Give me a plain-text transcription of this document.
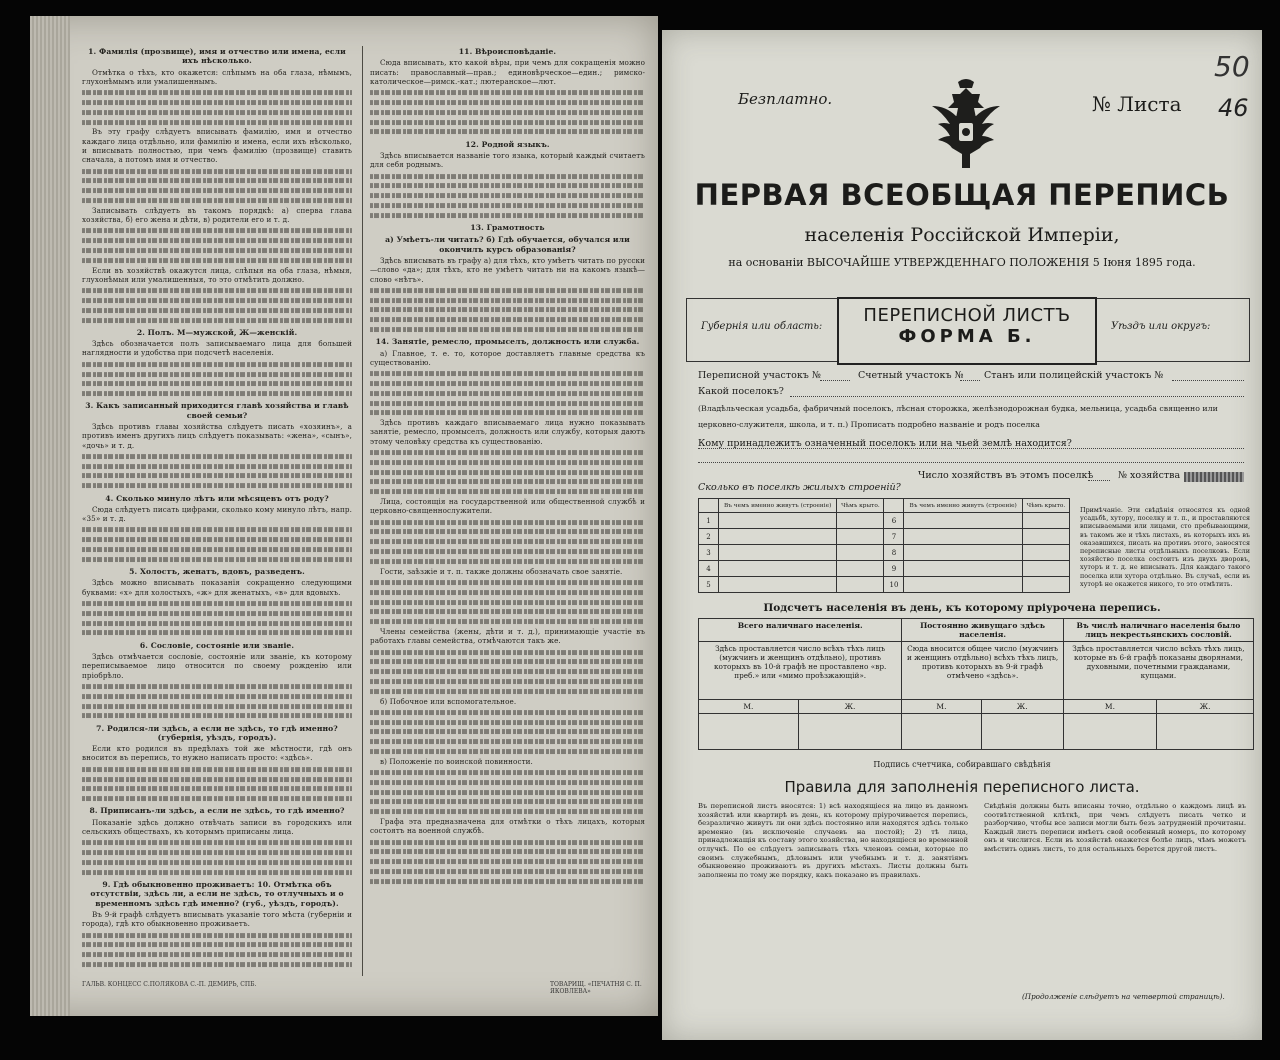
1. Фамилія (прозвище), имя и отчество или имена, если ихъ нѣсколько.
Отмѣтка о тѣхъ, кто окажется: слѣпымъ на оба глаза, нѣмымъ, глухонѣмымъ или умалишеннымъ.
Въ эту графу слѣдуетъ вписывать фамилію, имя и отчество каждаго лица отдѣльно, или фамилію и имена, если ихъ нѣсколько, и вписывать полностью, при чемъ фамилію (прозвище) ставить сначала, а потомъ имя и отчество.
Записывать слѣдуетъ въ такомъ порядкѣ: а) сперва глава хозяйства, б) его жена и дѣти, в) родители его и т. д.
Если въ хозяйствѣ окажутся лица, слѣпыя на оба глаза, нѣмыя, глухонѣмыя или умалишенныя, то это отмѣтить должно.
2. Полъ. М—мужской, Ж—женскій.
Здѣсь обозначается полъ записываемаго лица для большей наглядности и удобства при подсчетѣ населенія.
3. Какъ записанный приходится главѣ хозяйства и главѣ своей семьи?
Здѣсь противъ главы хозяйства слѣдуетъ писать «хозяинъ», а противъ именъ другихъ лицъ слѣдуетъ показывать: «жена», «сынъ», «дочь» и т. д.
4. Сколько минуло лѣтъ или мѣсяцевъ отъ роду?
Сюда слѣдуетъ писать цифрами, сколько кому минуло лѣтъ, напр. «35» и т. д.
5. Холостъ, женатъ, вдовъ, разведенъ.
Здѣсь можно вписывать показанія сокращенно следующими буквами: «х» для холостыхъ, «ж» для женатыхъ, «в» для вдовыхъ.
6. Сословіе, состояніе или званіе.
Здѣсь отмѣчается сословіе, состояніе или званіе, къ которому переписываемое лицо относится по своему рожденію или пріобрѣло.
7. Родился-ли здѣсь, а если не здѣсь, то гдѣ именно? (губернія, уѣздъ, городъ).
Если кто родился въ предѣлахъ той же мѣстности, гдѣ онъ вносится въ перепись, то нужно написать просто: «здѣсь».
8. Приписанъ-ли здѣсь, а если не здѣсь, то гдѣ именно?
Показаніе здѣсь должно отвѣчать записи въ городскихъ или сельскихъ обществахъ, къ которымъ приписаны лица.
9. Гдѣ обыкновенно проживаетъ: 10. Отмѣтка объ отсутствіи, здѣсь ли, а если не здѣсь, то отлучныхъ и о временномъ здѣсь гдѣ именно? (губ., уѣздъ, городъ).
Въ 9-й графѣ слѣдуетъ вписывать указаніе того мѣста (губерніи и города), гдѣ кто обыкновенно проживаетъ.
11. Вѣроисповѣданіе.
Сюда вписывать, кто какой вѣры, при чемъ для сокращенія можно писать: православный—прав.; единовѣрческое—един.; римско-католическое—римск.-кат.; лютеранское—лют.
12. Родной языкъ.
Здѣсь вписывается названіе того языка, который каждый считаетъ для себя роднымъ.
13. Грамотность
а) Умѣетъ-ли читать? б) Гдѣ обучается, обучался или окончилъ курсъ образованія?
Здѣсь вписывать въ графу а) для тѣхъ, кто умѣетъ читать по русски—слово «да»; для тѣхъ, кто не умѣетъ читать ни на какомъ языкѣ—слово «нѣтъ».
14. Занятіе, ремесло, промыселъ, должность или служба.
а) Главное, т. е. то, которое доставляетъ главные средства къ существованію.
Здѣсь противъ каждаго вписываемаго лица нужно показывать занятіе, ремесло, промыселъ, должность или службу, которыя даютъ этому человѣку средства къ существованію.
Лица, состоящія на государственной или общественной службѣ и церковно-священнослужители.
Гости, заѣзжіе и т. п. также должны обозначать свое занятіе.
Члены семейства (жены, дѣти и т. д.), принимающіе участіе въ работахъ главы семейства, отмѣчаются такъ же.
б) Побочное или вспомогательное.
в) Положеніе по воинской повинности.
Графа эта предназначена для отмѣтки о тѣхъ лицахъ, которыя состоятъ на военной службѣ.
ГАЛЬВ. КОНЦЕСС С.ПОЛЯКОВА С.-П. ДЕМИРЬ, СПБ.	ТОВАРИЩ. «ПЕЧАТНЯ С. П. ЯКОВЛЕВА»
Безплатно.	№ Листа
50
46
ПЕРВАЯ ВСЕОБЩАЯ ПЕРЕПИСЬ
населенія Россійской Имперіи,
на основаніи ВЫСОЧАЙШЕ УТВЕРЖДЕННАГО ПОЛОЖЕНІЯ 5 Іюня 1895 года.
Губернія или область:
ПЕРЕПИСНОЙ ЛИСТЪ
ФОРМА Б.	Уѣздъ или округъ:
Переписной участокъ №	Счетный участокъ № Станъ или полицейскій участокъ №
Какой поселокъ?
(Владѣльческая усадьба, фабричный поселокъ, лѣсная сторожка, желѣзнодорожная будка, мельница, усадьба священно или
церковно-служителя, школа, и т. п.) Прописать подробно названіе и родъ поселка
Кому принадлежитъ означенный поселокъ или на чьей землѣ находится?
Число хозяйствъ въ этомъ поселкѣ	№ хозяйства
Сколько въ поселкѣ жилыхъ строеній?
	Въ чемъ именно живутъ (строеніе)	Чѣмъ крыто.		Въ чемъ именно живутъ (строеніе)	Чѣмъ крыто.
1			6		
2			7		
3			8		
4			9		
5			10		
Примѣчаніе. Эти свѣдѣнія относятся къ одной усадьбѣ, хутору, поселку и т. п., и проставляются вписываемыми или лицами, сто пребывающими, въ такомъ же и тѣхъ листахъ, въ которыхъ ихъ въ оказавшихся, писать на противъ этого, заносятся переписные листы отдѣльныхъ поселковъ. Если хозяйство поселка состоитъ изъ двухъ дворовъ, хуторъ и т. д. не вписывать. Для каждаго такого поселка или хутора отдѣльно. Въ случаѣ, если въ хуторѣ не окажется никого, то это отмѣтить.
Подсчетъ населенія въ день, къ которому пріурочена перепись.
Всего наличнаго населенія.		Постоянно живущаго здѣсь населенія.		Въ числѣ наличнаго населенія было лицъ некрестьянскихъ сословій.	
Здѣсь проставляется число всѣхъ тѣхъ лицъ (мужчинъ и женщинъ отдѣльно), противъ которыхъ въ 10-й графѣ не проставлено «вр. преб.» или «мимо проѣзжающій».		Сюда вносится общее число (мужчинъ и женщинъ отдѣльно) всѣхъ тѣхъ лицъ, противъ которыхъ въ 9-й графѣ отмѣчено «здѣсь».		Здѣсь проставляется число всѣхъ тѣхъ лицъ, которые въ 6-й графѣ показаны дворянами, духовными, почетными гражданами, купцами.	
М.	Ж.	М.	Ж.	М.	Ж.

Подпись счетчика, собиравшаго свѣдѣнія
Правила для заполненія переписного листа.
Въ переписной листъ вносятся: 1) всѣ находящіеся на лицо въ данномъ хозяйствѣ или квартирѣ въ день, къ которому пріурочивается перепись, безразлично живутъ ли они здѣсь постоянно или находятся здѣсь только временно (въ исключеніе случаевъ на постой); 2) тѣ лица, принадлежащія къ составу этого хозяйства, но находящіеся во временной отлучкѣ. По ее слѣдуетъ записывать тѣхъ членовъ семьи, которые по своимъ служебнымъ, дѣловымъ или учебнымъ и т. д. занятіямъ обыкновенно проживаютъ въ другихъ мѣстахъ. Листы должны быть заполнены по тому же порядку, какъ показано въ правилахъ.
Свѣдѣнія должны быть вписаны точно, отдѣльно о каждомъ лицѣ въ соотвѣтственной клѣткѣ, при чемъ слѣдуетъ писать четко и разборчиво, чтобы все записи могли быть безъ затрудненій прочитаны. Каждый листъ переписи имѣетъ свой особенный номеръ, по которому онъ и числится. Если въ хозяйствѣ окажется болѣе лицъ, чѣмъ можетъ вмѣстить одинъ листъ, то для остальныхъ берется другой листъ.
(Продолженіе слѣдуетъ на четвертой страницѣ).
